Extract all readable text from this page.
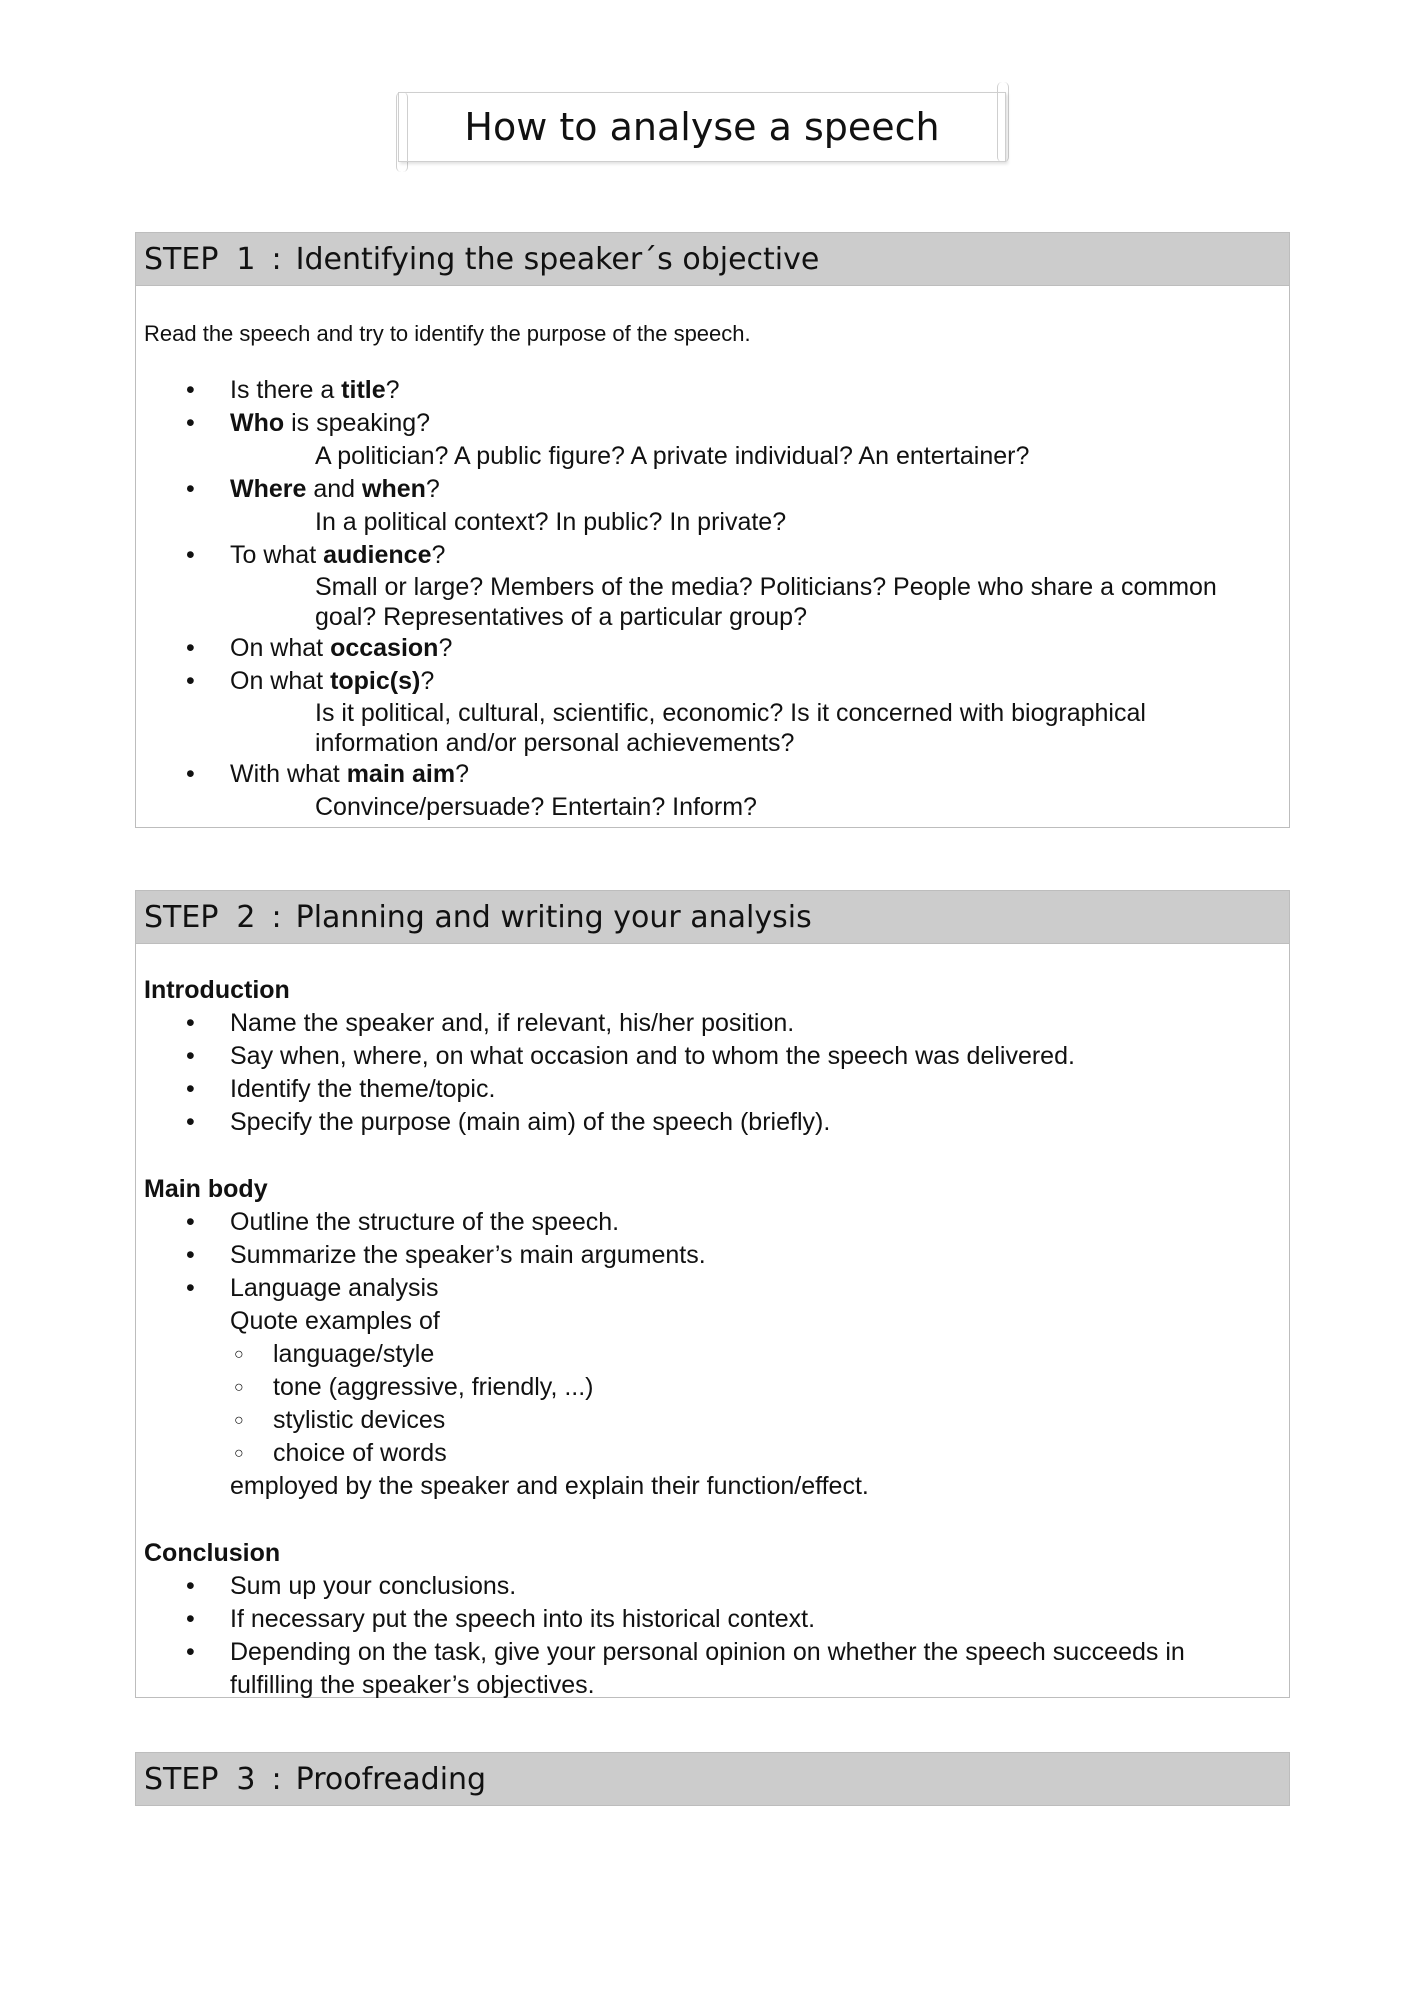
How to analyse a speech
STEP 1 : Identifying the speaker´s objective
Read the speech and try to identify the purpose of the speech.
• Is there a title?
• Who is speaking?
A politician? A public figure? A private individual? An entertainer?
• Where and when?
In a political context? In public? In private?
• To what audience?
Small or large? Members of the media? Politicians? People who share a common
goal? Representatives of a particular group?
• On what occasion?
• On what topic(s)?
Is it political, cultural, scientific, economic? Is it concerned with biographical
information and/or personal achievements?
• With what main aim?
Convince/persuade? Entertain? Inform?
STEP 2 : Planning and writing your analysis
Introduction
• Name the speaker and, if relevant, his/her position.
• Say when, where, on what occasion and to whom the speech was delivered.
• Identify the theme/topic.
• Specify the purpose (main aim) of the speech (briefly).
Main body
• Outline the structure of the speech.
• Summarize the speaker’s main arguments.
• Language analysis
Quote examples of
○ language/style
○ tone (aggressive, friendly, ...)
○ stylistic devices
○ choice of words
employed by the speaker and explain their function/effect.
Conclusion
• Sum up your conclusions.
• If necessary put the speech into its historical context.
• Depending on the task, give your personal opinion on whether the speech succeeds in
fulfilling the speaker’s objectives.
STEP 3 : Proofreading
